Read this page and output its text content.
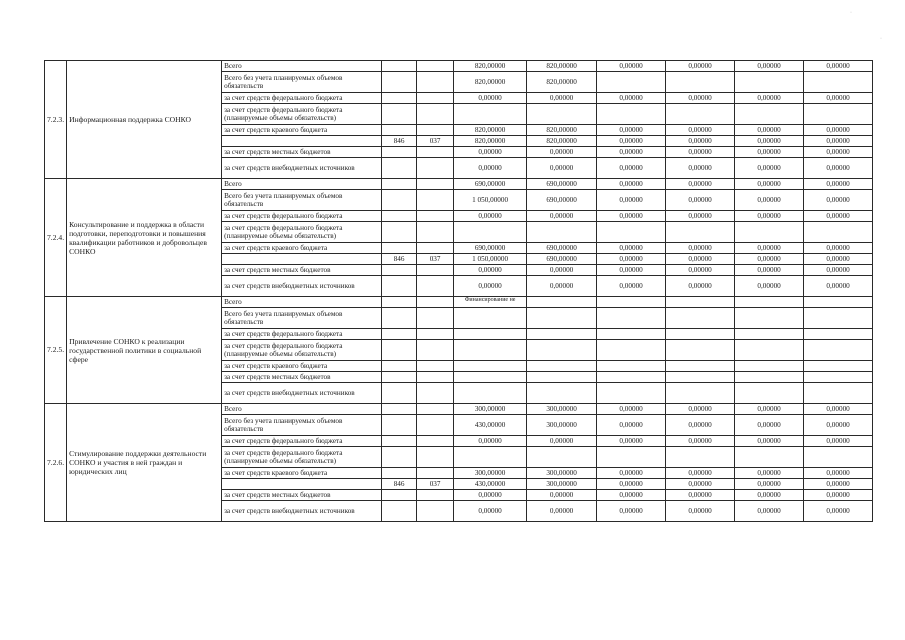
7.2.3.	Информационная поддержка СОНКО	Всего			820,00000	820,00000	0,00000	0,00000	0,00000	0,00000
		Всего без учета планируемых объемов обязательств			820,00000	820,00000				
		за счет средств федерального бюджета			0,00000	0,00000	0,00000	0,00000	0,00000	0,00000
		за счет средств федерального бюджета (планируемые объемы обязательств)								
		за счет средств краевого бюджета			820,00000	820,00000	0,00000	0,00000	0,00000	0,00000
			846	037	820,00000	820,00000	0,00000	0,00000	0,00000	0,00000
		за счет средств местных бюджетов			0,00000	0,00000	0,00000	0,00000	0,00000	0,00000
		за счет средств внебюджетных источников			0,00000	0,00000	0,00000	0,00000	0,00000	0,00000
7.2.4.	Консультирование и поддержка в области подготовки, переподготовки и повышения квалификации работников и добровольцев СОНКО	Всего			690,00000	690,00000	0,00000	0,00000	0,00000	0,00000
		Всего без учета планируемых объемов обязательств			1 050,00000	690,00000	0,00000	0,00000	0,00000	0,00000
		за счет средств федерального бюджета			0,00000	0,00000	0,00000	0,00000	0,00000	0,00000
		за счет средств федерального бюджета (планируемые объемы обязательств)								
		за счет средств краевого бюджета			690,00000	690,00000	0,00000	0,00000	0,00000	0,00000
			846	037	1 050,00000	690,00000	0,00000	0,00000	0,00000	0,00000
		за счет средств местных бюджетов			0,00000	0,00000	0,00000	0,00000	0,00000	0,00000
		за счет средств внебюджетных источников			0,00000	0,00000	0,00000	0,00000	0,00000	0,00000
7.2.5.	Привлечение СОНКО к реализации государственной политики в социальной сфере	Всего			Финансирование не					
		Всего без учета планируемых объемов обязательств								
		за счет средств федерального бюджета								
		за счет средств федерального бюджета (планируемые объемы обязательств)								
		за счет средств краевого бюджета								
		за счет средств местных бюджетов								
		за счет средств внебюджетных источников								
7.2.6.	Стимулирование поддержки деятельности СОНКО и участия в ней граждан и юридических лиц	Всего			300,00000	300,00000	0,00000	0,00000	0,00000	0,00000
		Всего без учета планируемых объемов обязательств			430,00000	300,00000	0,00000	0,00000	0,00000	0,00000
		за счет средств федерального бюджета			0,00000	0,00000	0,00000	0,00000	0,00000	0,00000
		за счет средств федерального бюджета (планируемые объемы обязательств)								
		за счет средств краевого бюджета			300,00000	300,00000	0,00000	0,00000	0,00000	0,00000
			846	037	430,00000	300,00000	0,00000	0,00000	0,00000	0,00000
		за счет средств местных бюджетов			0,00000	0,00000	0,00000	0,00000	0,00000	0,00000
		за счет средств внебюджетных источников			0,00000	0,00000	0,00000	0,00000	0,00000	0,00000
·
·
